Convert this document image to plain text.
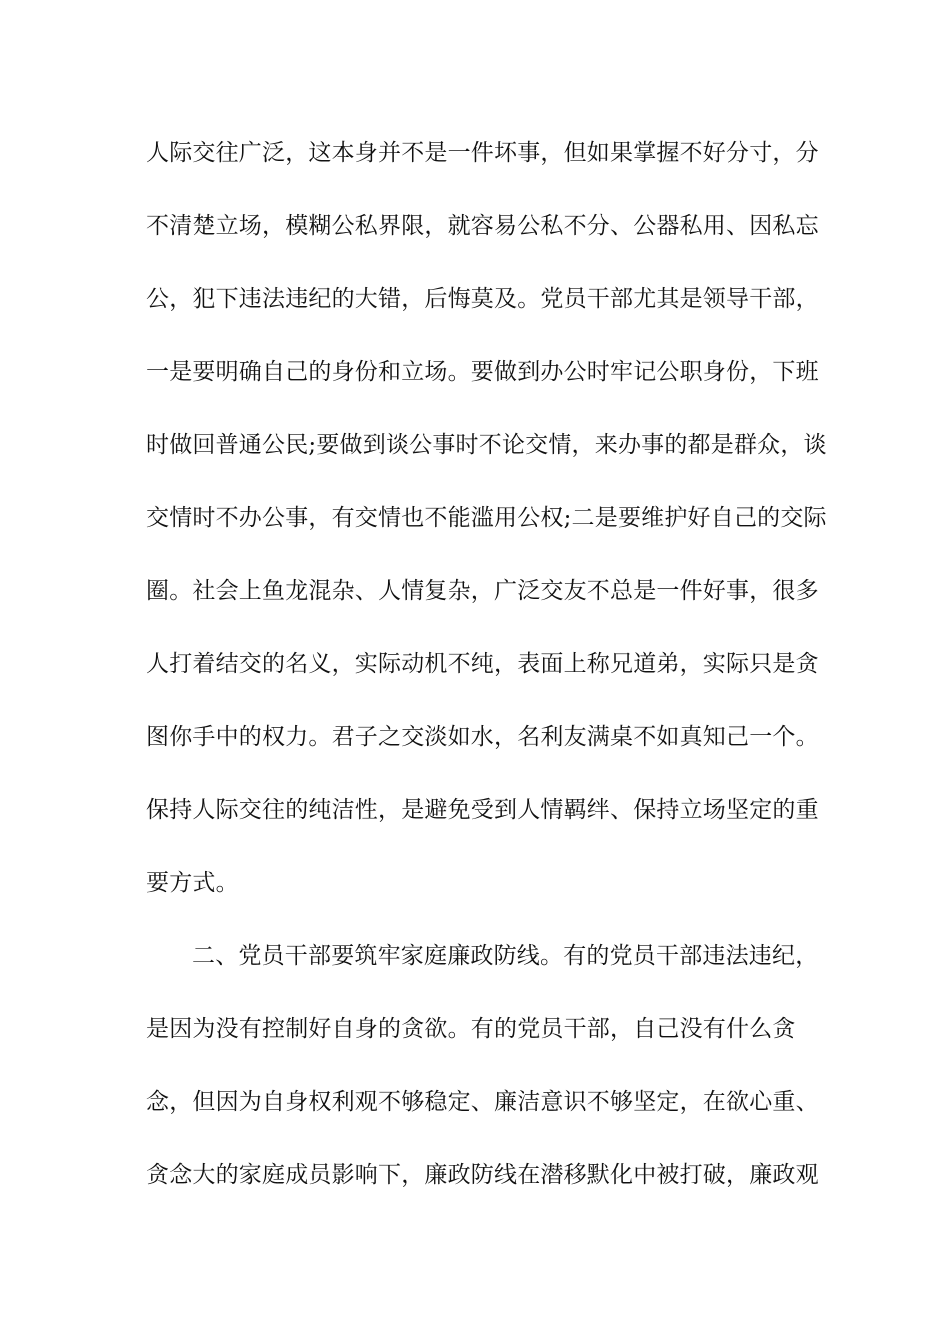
人际交往广泛，这本身并不是一件坏事，但如果掌握不好分寸，分
不清楚立场，模糊公私界限，就容易公私不分、公器私用、因私忘
公，犯下违法违纪的大错，后悔莫及。党员干部尤其是领导干部，
一是要明确自己的身份和立场。要做到办公时牢记公职身份，下班
时做回普通公民;要做到谈公事时不论交情，来办事的都是群众，谈
交情时不办公事，有交情也不能滥用公权;二是要维护好自己的交际
圈。社会上鱼龙混杂、人情复杂，广泛交友不总是一件好事，很多
人打着结交的名义，实际动机不纯，表面上称兄道弟，实际只是贪
图你手中的权力。君子之交淡如水，名利友满桌不如真知己一个。
保持人际交往的纯洁性，是避免受到人情羁绊、保持立场坚定的重
要方式。
二、党员干部要筑牢家庭廉政防线。有的党员干部违法违纪，
是因为没有控制好自身的贪欲。有的党员干部，自己没有什么贪
念，但因为自身权利观不够稳定、廉洁意识不够坚定，在欲心重、
贪念大的家庭成员影响下，廉政防线在潜移默化中被打破，廉政观
